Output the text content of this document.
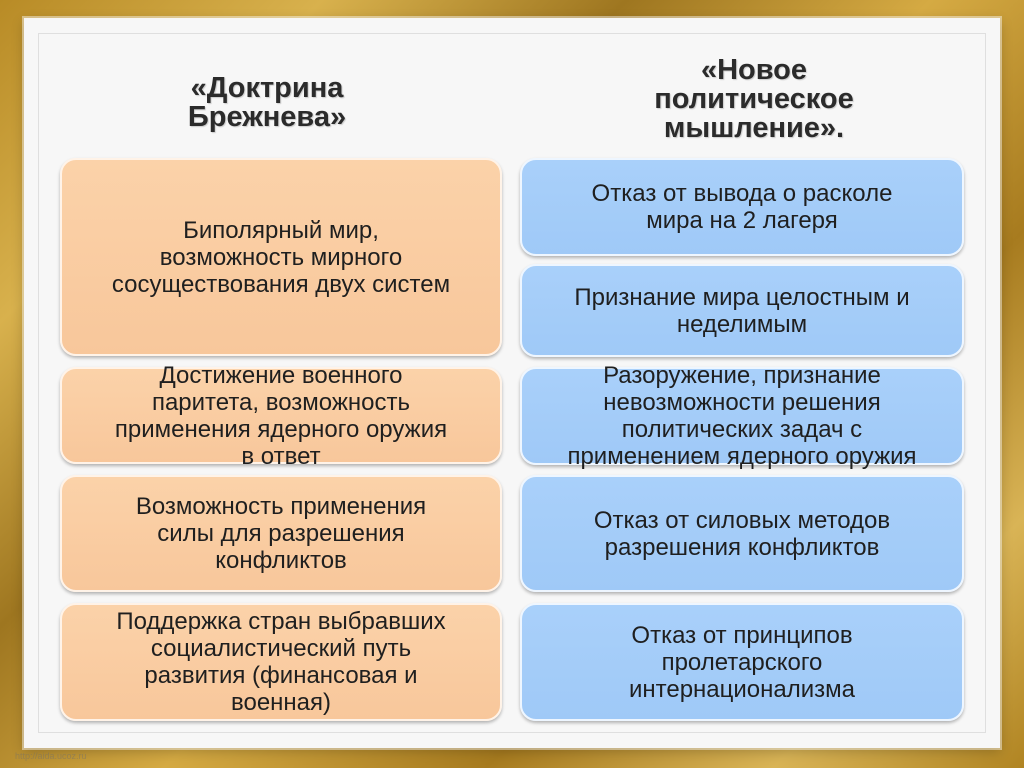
«Доктрина
Брежнева»
«Новое
политическое
мышление».
Биполярный мир,
возможность мирного
сосуществования двух систем
Достижение военного
паритета, возможность
применения ядерного оружия
в ответ
Возможность применения
силы для разрешения
конфликтов
Поддержка стран выбравших
социалистический путь
развития (финансовая и
военная)
Отказ от вывода о расколе
мира на 2 лагеря
Признание мира целостным и
неделимым
Разоружение, признание
невозможности решения
политических задач с
применением ядерного оружия
Отказ от силовых методов
разрешения конфликтов
Отказ от принципов
пролетарского
интернационализма
http://aida.ucoz.ru
